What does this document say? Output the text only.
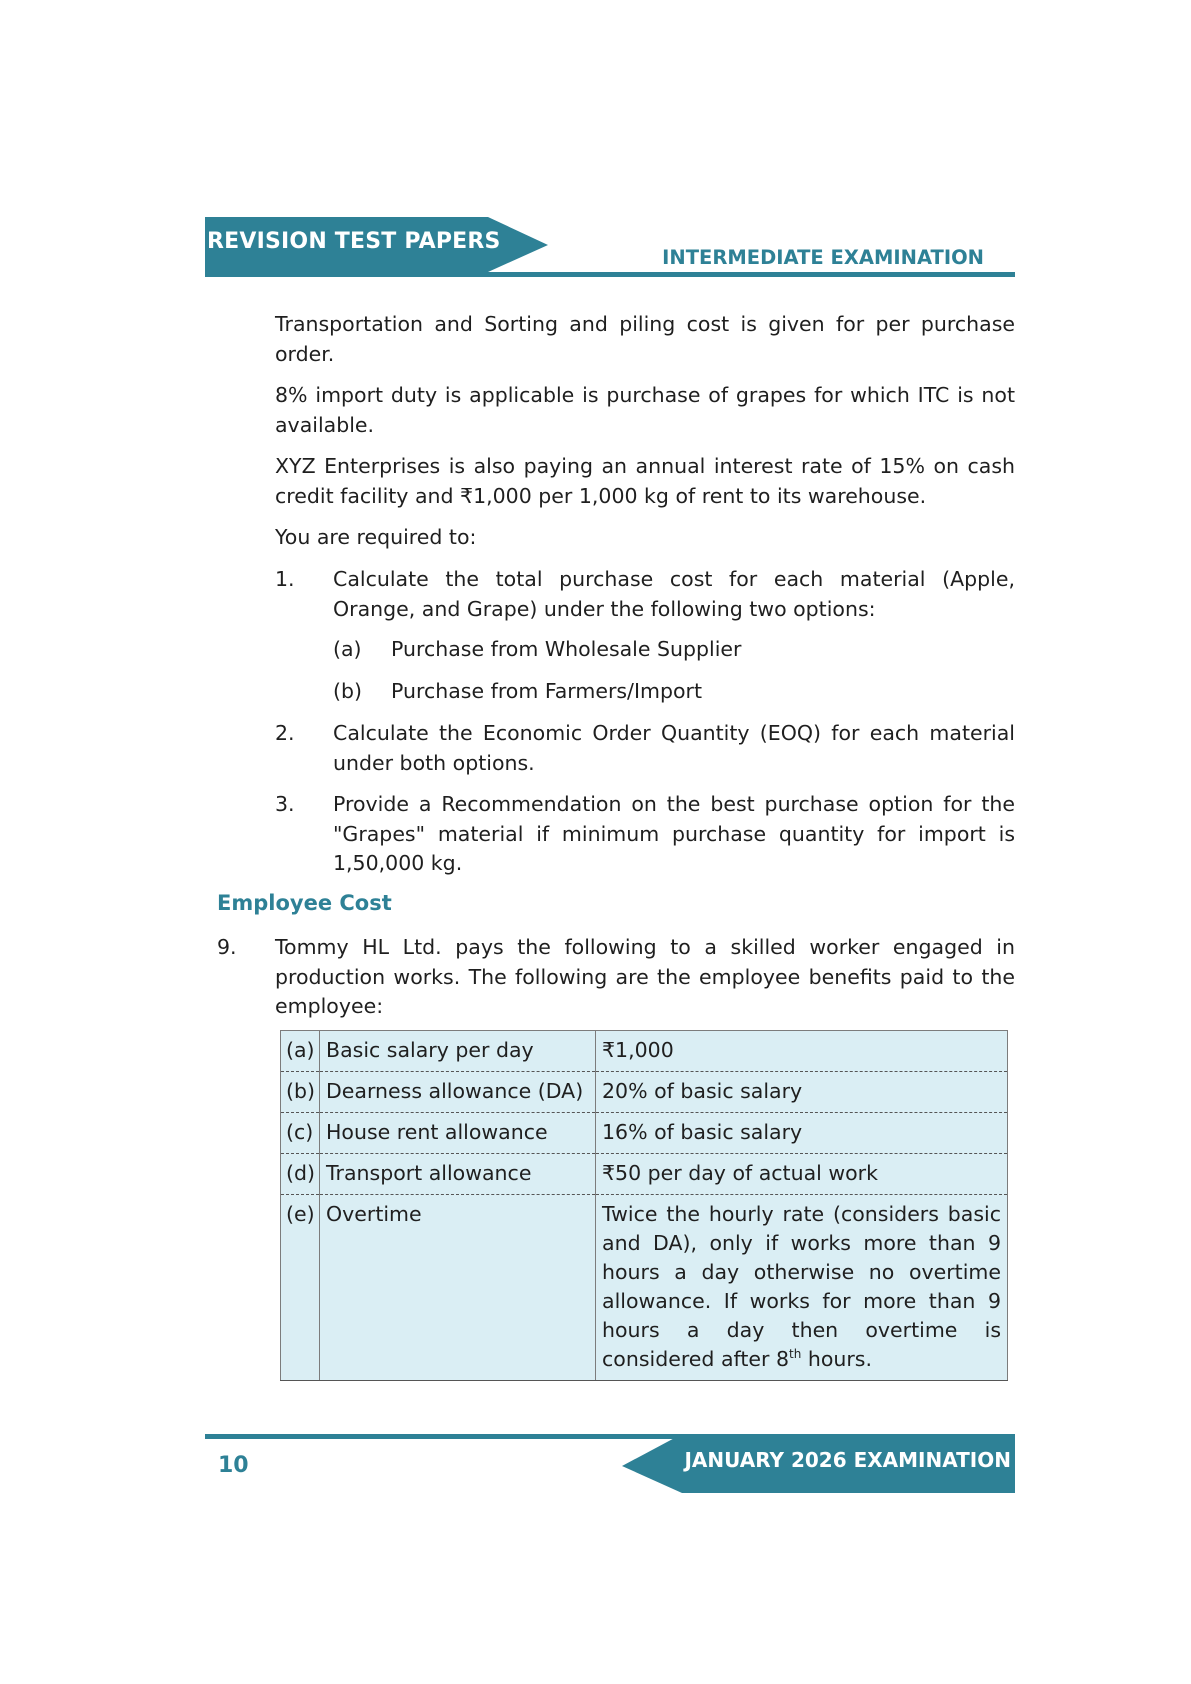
REVISION TEST PAPERS
INTERMEDIATE EXAMINATION

Transportation and Sorting and piling cost is given for per purchase order.

8% import duty is applicable is purchase of grapes for which ITC is not available.

XYZ Enterprises is also paying an annual interest rate of 15% on cash credit facility and ₹1,000 per 1,000 kg of rent to its warehouse.

You are required to:

1. Calculate the total purchase cost for each material (Apple, Orange, and Grape) under the following two options:

(a) Purchase from Wholesale Supplier
(b) Purchase from Farmers/Import
2. Calculate the Economic Order Quantity (EOQ) for each material under both options.

3. Provide a Recommendation on the best purchase option for the "Grapes" material if minimum purchase quantity for import is 1,50,000 kg.

Employee Cost
9. Tommy HL Ltd. pays the following to a skilled worker engaged in production works. The following are the employee benefits paid to the employee:

(a)	Basic salary per day	₹1,000
(b)	Dearness allowance (DA)	20% of basic salary
(c)	House rent allowance	16% of basic salary
(d)	Transport allowance	₹50 per day of actual work
(e)	Overtime	Twice the hourly rate (considers basic and DA), only if works more than 9 hours a day otherwise no overtime allowance. If works for more than 9 hours a day then overtime is considered after 8th hours.
JANUARY 2026 EXAMINATION
10
